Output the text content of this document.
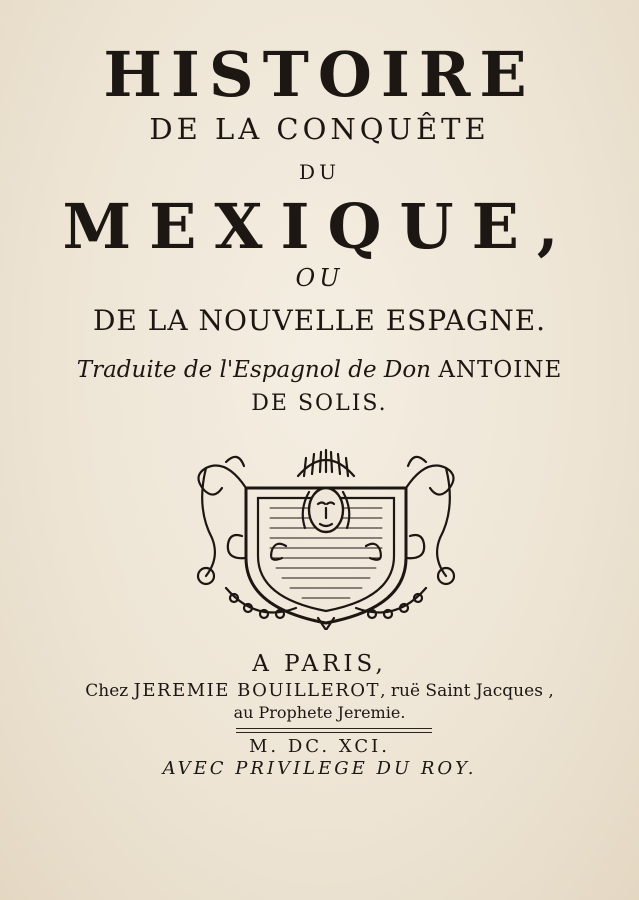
HISTOIRE
DE LA CONQUÊTE
DU
MEXIQUE,
OU
DE LA NOUVELLE ESPAGNE.
Traduite de l'Espagnol de Don ANTOINE
DE SOLIS.
A PARIS,
Chez JEREMIE BOUILLEROT, ruë Saint Jacques ,
au Prophete Jeremie.
M. DC. XCI.
AVEC PRIVILEGE DU ROY.
